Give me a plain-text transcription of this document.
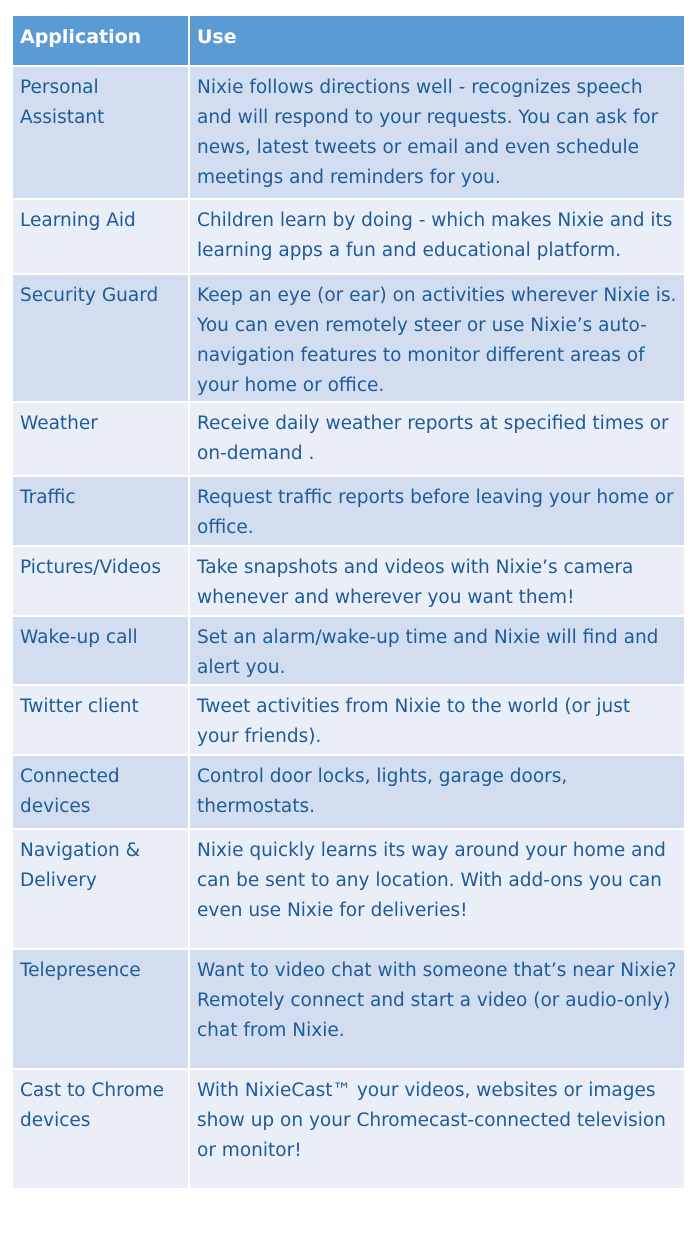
Application	Use
Personal Assistant	Nixie follows directions well - recognizes speech and will respond to your requests. You can ask for news, latest tweets or email and even schedule meetings and reminders for you.
Learning Aid	Children learn by doing - which makes Nixie and its learning apps a fun and educational platform.
Security Guard	Keep an eye (or ear) on activities wherever Nixie is. You can even remotely steer or use Nixie’s auto-navigation features to monitor different areas of your home or office.
Weather	Receive daily weather reports at specified times or on-demand .
Traffic	Request traffic reports before leaving your home or office.
Pictures/Videos	Take snapshots and videos with Nixie’s camera whenever and wherever you want them!
Wake-up call	Set an alarm/wake-up time and Nixie will find and alert you.
Twitter client	Tweet activities from Nixie to the world (or just your friends).
Connected devices	Control door locks, lights, garage doors, thermostats.
Navigation & Delivery	Nixie quickly learns its way around your home and can be sent to any location. With add-ons you can even use Nixie for deliveries!
Telepresence	Want to video chat with someone that’s near Nixie? Remotely connect and start a video (or audio-only) chat from Nixie.
Cast to Chrome devices	With NixieCast™ your videos, websites or images show up on your Chromecast-connected television or monitor!
